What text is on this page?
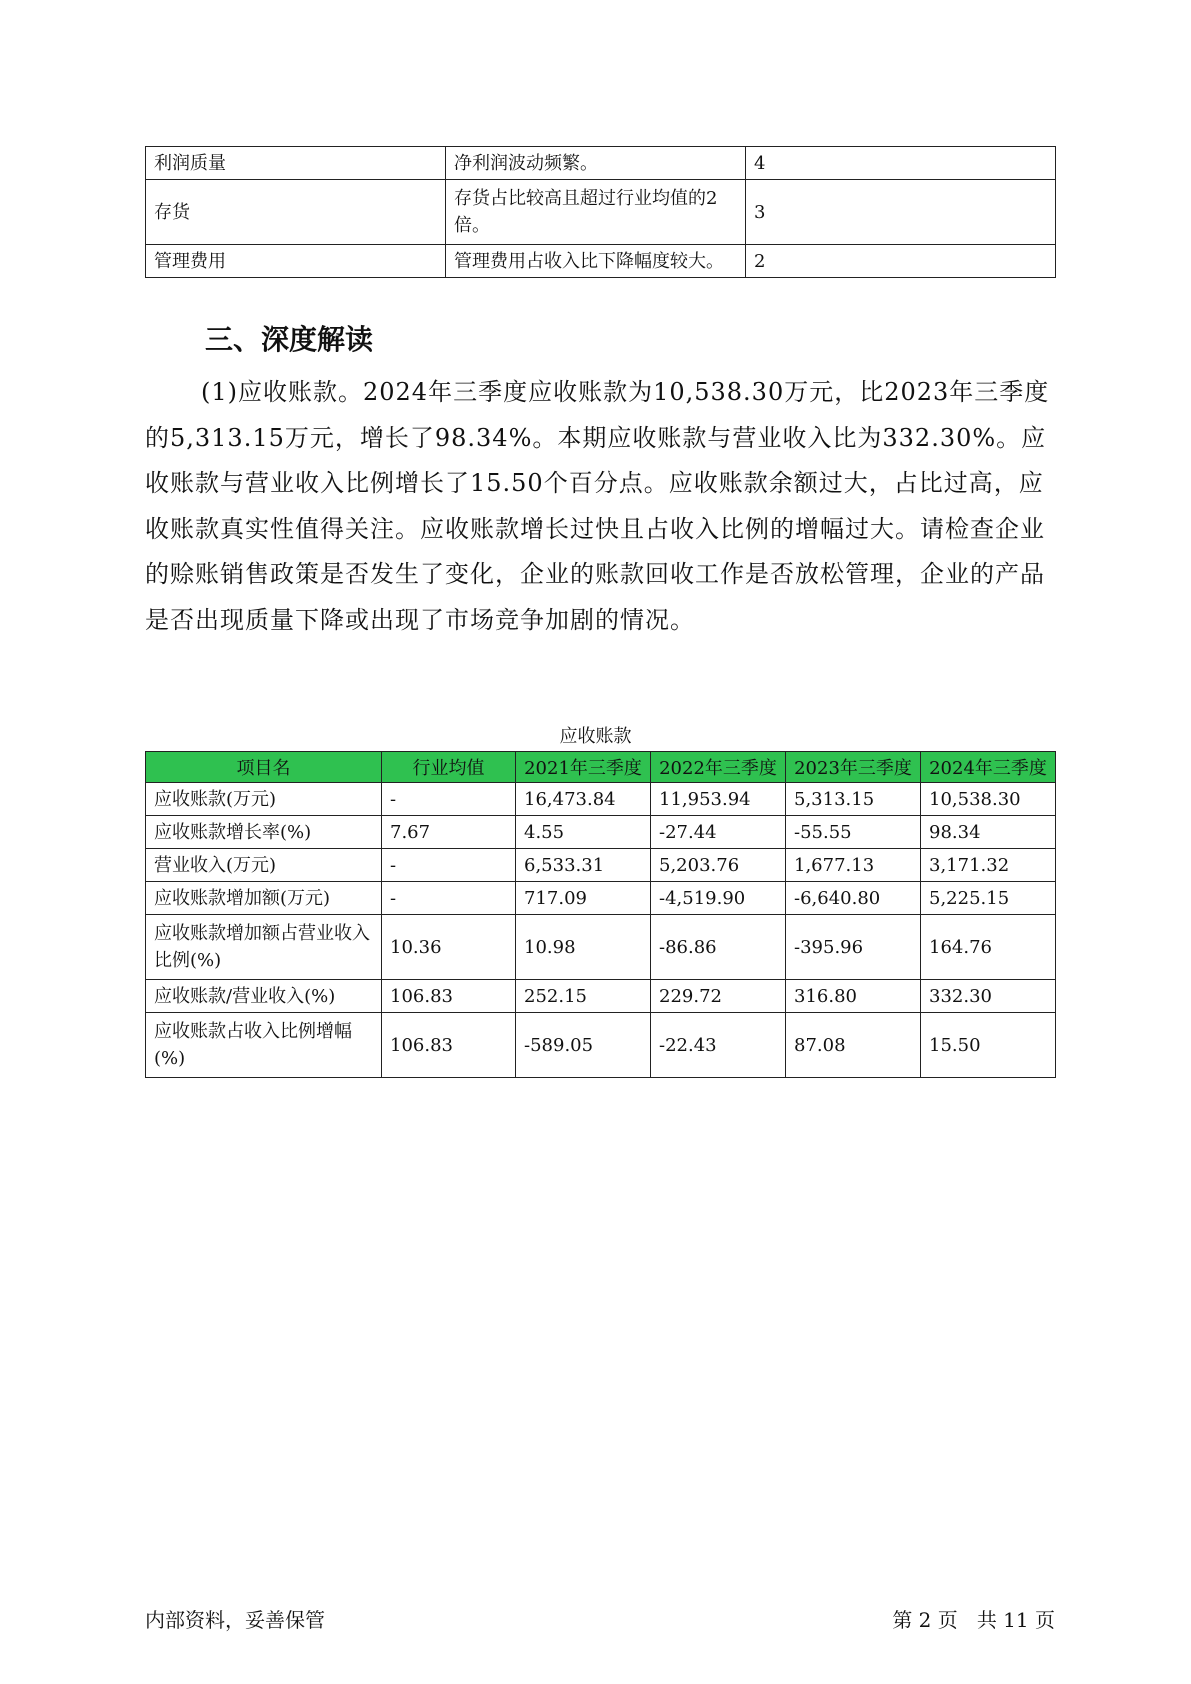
利润质量	净利润波动频繁。	4
存货	存货占比较高且超过行业均值的2倍。	3
管理费用	管理费用占收入比下降幅度较大。	2
三、深度解读

(1)应收账款。2024年三季度应收账款为10,538.30万元，比2023年三季度的5,313.15万元，增长了98.34%。本期应收账款与营业收入比为332.30%。应收账款与营业收入比例增长了15.50个百分点。应收账款余额过大，占比过高，应收账款真实性值得关注。应收账款增长过快且占收入比例的增幅过大。请检查企业的赊账销售政策是否发生了变化，企业的账款回收工作是否放松管理，企业的产品是否出现质量下降或出现了市场竞争加剧的情况。

应收账款
项目名	行业均值	2021年三季度	2022年三季度	2023年三季度	2024年三季度
应收账款(万元)	-	16,473.84	11,953.94	5,313.15	10,538.30
应收账款增长率(%)	7.67	4.55	-27.44	-55.55	98.34
营业收入(万元)	-	6,533.31	5,203.76	1,677.13	3,171.32
应收账款增加额(万元)	-	717.09	-4,519.90	-6,640.80	5,225.15
应收账款增加额占营业收入比例(%)	10.36	10.98	-86.86	-395.96	164.76
应收账款/营业收入(%)	106.83	252.15	229.72	316.80	332.30
应收账款占收入比例增幅(%)	106.83	-589.05	-22.43	87.08	15.50
内部资料，妥善保管	第 2 页   共 11 页
